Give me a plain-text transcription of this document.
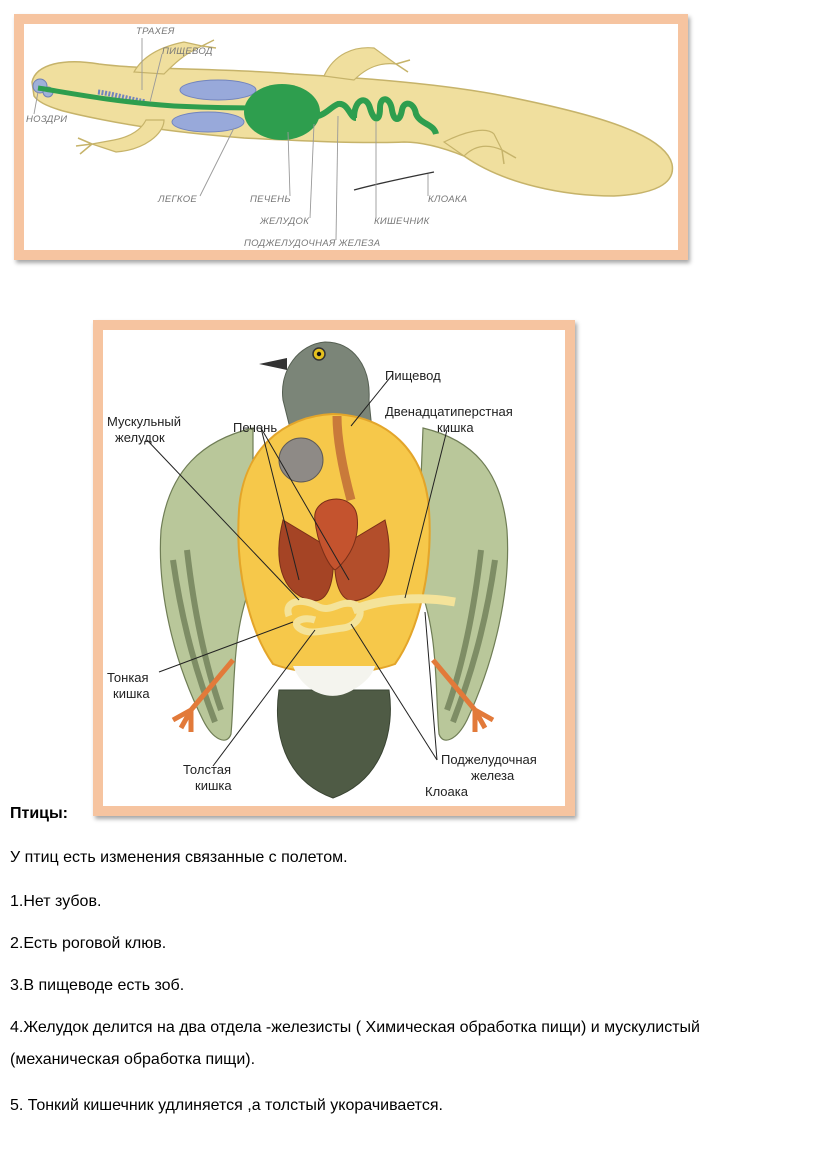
ТРАХЕЯ
ПИЩЕВОД
НОЗДРИ
ЛЕГКОЕ	ПЕЧЕНЬ
ЖЕЛУДОК
ПОДЖЕЛУДОЧНАЯ ЖЕЛЕЗА
КИШЕЧНИК
КЛОАКА
Пищевод
Двенадцатиперстная
кишка
Мускульный
желудок
Печень
Тонкая
кишка
Толстая
кишка
Поджелудочная
железа
Клоака
Птицы:
У птиц есть изменения связанные с полетом.
1.Нет зубов.
2.Есть роговой клюв.
3.В пищеводе есть зоб.
4.Желудок делится на два отдела -железисты ( Химическая обработка пищи) и мускулистый (механическая обработка пищи).
5. Тонкий кишечник удлиняется ,а толстый укорачивается.
